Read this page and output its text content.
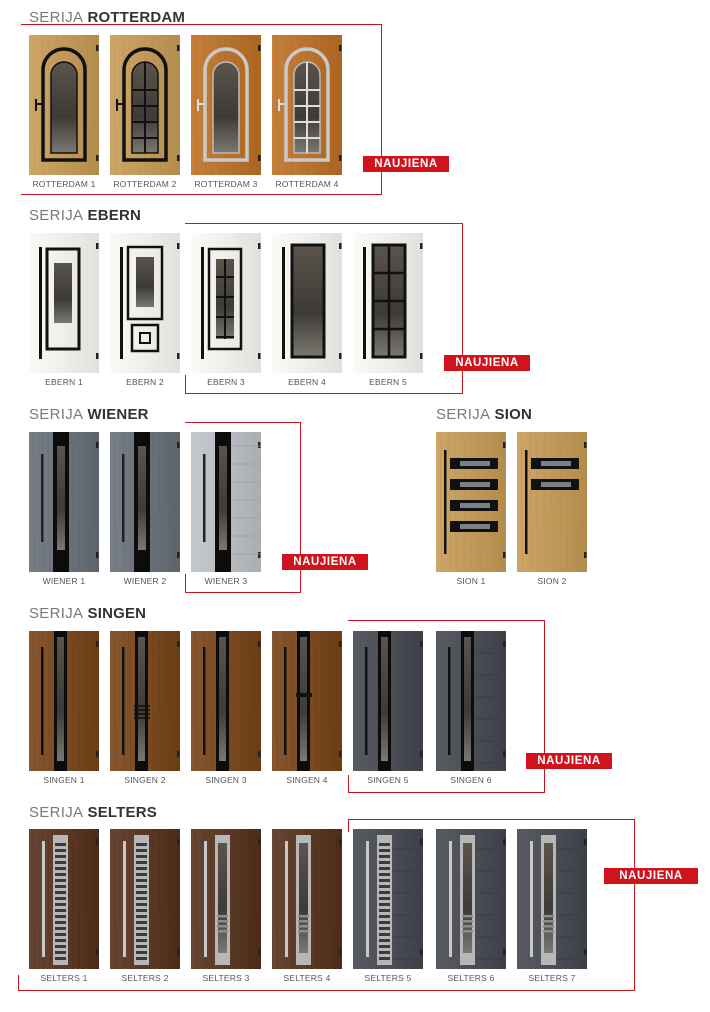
SERIJA ROTTERDAM
ROTTERDAM 1	ROTTERDAM 2	ROTTERDAM 3	ROTTERDAM 4
NAUJIENA
SERIJA EBERN
EBERN 1	EBERN 2	EBERN 3	EBERN 4	EBERN 5
NAUJIENA
SERIJA WIENER
WIENER 1	WIENER 2	WIENER 3
NAUJIENA
SERIJA SION
SION 1	SION 2
SERIJA SINGEN
SINGEN 1	SINGEN 2	SINGEN 3	SINGEN 4	SINGEN 5	SINGEN 6
NAUJIENA
SERIJA SELTERS
SELTERS 1	SELTERS 2	SELTERS 3	SELTERS 4	SELTERS 5	SELTERS 6	SELTERS 7
NAUJIENA
